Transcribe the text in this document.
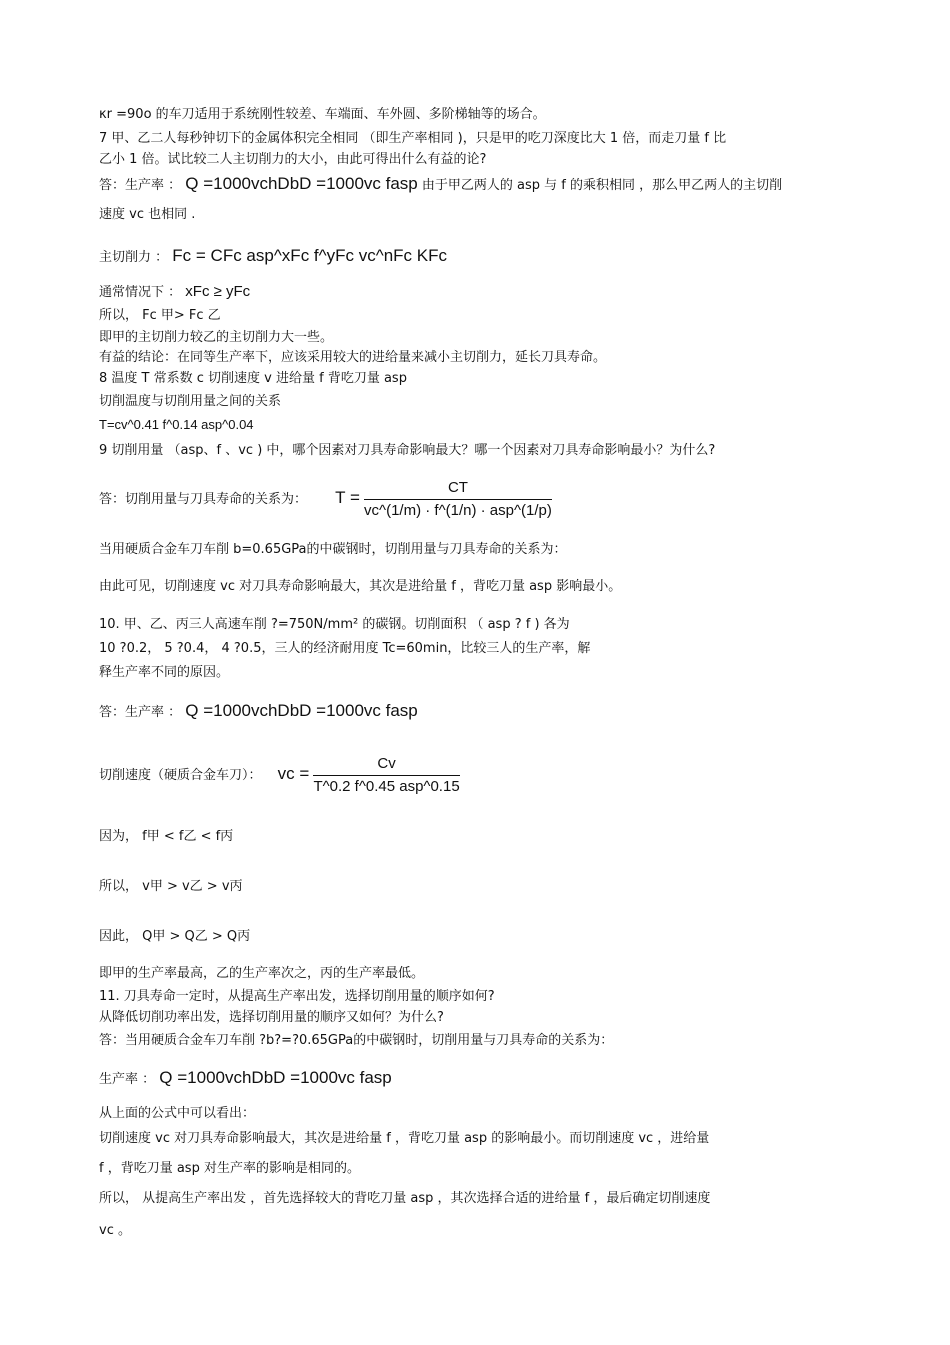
κr =90o 的车刀适用于系统刚性较差、车端面、车外圆、多阶梯轴等的场合。
7 甲、乙二人每秒钟切下的金属体积完全相同 （即生产率相同 )，只是甲的吃刀深度比大 1 倍，而走刀量 f 比
乙小 1 倍。试比较二人主切削力的大小，由此可得出什么有益的论?
答：生产率 ： Q =1000vchDbD =1000vc fasp 由于甲乙两人的 asp 与 f 的乘积相同 ，那么甲乙两人的主切削
速度 vc 也相同 .
主切削力 ： Fc = CFc asp^xFc f^yFc vc^nFc KFc
通常情况下 ： xFc ≥ yFc
所以， Fc 甲> Fc 乙
即甲的主切削力较乙的主切削力大一些。
有益的结论：在同等生产率下，应该采用较大的进给量来减小主切削力，延长刀具寿命。
8 温度 T 常系数 c 切削速度 v 进给量 f 背吃刀量 asp
切削温度与切削用量之间的关系
T=cv^0.41 f^0.14 asp^0.04
9 切削用量 （asp、f 、vc ) 中，哪个因素对刀具寿命影响最大？哪一个因素对刀具寿命影响最小？为什么?
答：切削用量与刀具寿命的关系为： $T = \frac{CT}{\text{vc\textasciicircum{}(1/m) · f\textasciicircum{}(1/n) · asp\textasciicircum{}(1/p)}}$
当用硬质合金车刀车削 b=0.65GPa的中碳钢时，切削用量与刀具寿命的关系为：
由此可见，切削速度 vc 对刀具寿命影响最大，其次是进给量 f ，背吃刀量 asp 影响最小。
10. 甲、乙、丙三人高速车削 ?=750N/mm² 的碳钢。切削面积 （ asp ? f ) 各为
10 ?0.2， 5 ?0.4， 4 ?0.5，三人的经济耐用度 Tc=60min，比较三人的生产率，解
释生产率不同的原因。
答：生产率 ： Q =1000vchDbD =1000vc fasp
切削速度（硬质合金车刀）： vc = $\frac{Cv}{\text{T\textasciicircum{}0.2 f\textasciicircum{}0.45 asp\textasciicircum{}0.15}}$
因为， f甲 < f乙 < f丙
所以， v甲 > v乙 > v丙
因此， Q甲 > Q乙 > Q丙
即甲的生产率最高，乙的生产率次之，丙的生产率最低。
11. 刀具寿命一定时，从提高生产率出发，选择切削用量的顺序如何?
从降低切削功率出发，选择切削用量的顺序又如何？为什么?
答：当用硬质合金车刀车削 ?b?=?0.65GPa的中碳钢时，切削用量与刀具寿命的关系为：
生产率 ： Q =1000vchDbD =1000vc fasp
从上面的公式中可以看出：
切削速度 vc 对刀具寿命影响最大，其次是进给量 f ，背吃刀量 asp 的影响最小。而切削速度 vc ，进给量
f ，背吃刀量 asp 对生产率的影响是相同的。
所以， 从提高生产率出发 ，首先选择较大的背吃刀量 asp ，其次选择合适的进给量 f ，最后确定切削速度
vc 。
